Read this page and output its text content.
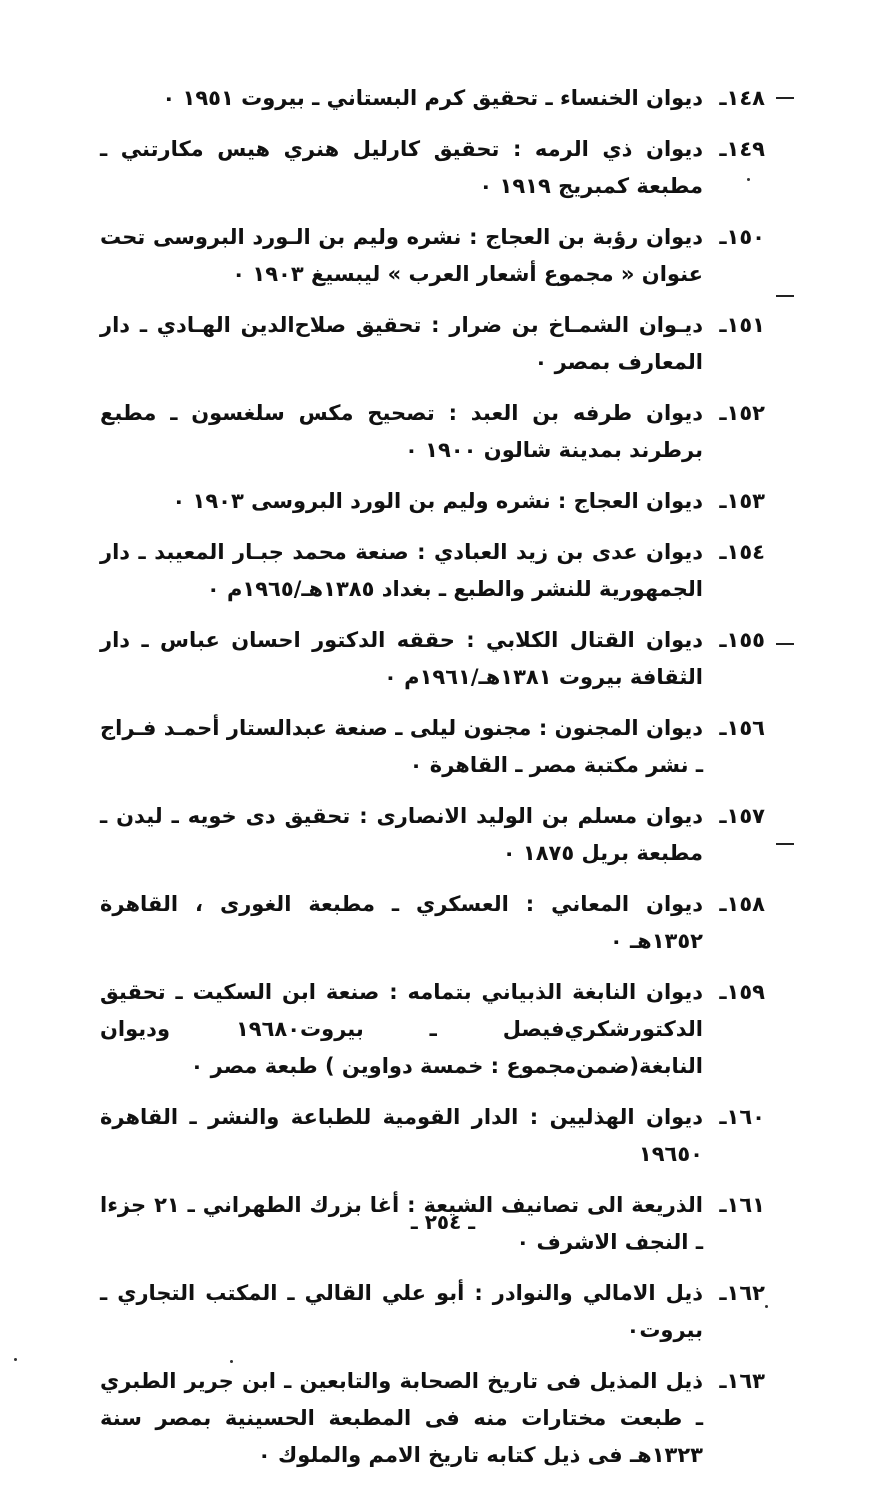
١٤٨ـ
ديوان الخنساء ـ تحقيق كرم البستاني ـ بيروت ١٩٥١ ٠
١٤٩ـ
ديوان ذي الرمه : تحقيق كارليل هنري هيس مكارتني ـ مطبعة كمبريج ١٩١٩ ٠
١٥٠ـ
ديوان رؤبة بن العجاج : نشره وليم بن الـورد البروسى تحت عنوان « مجموع أشعار العرب » ليبسيغ ١٩٠٣ ٠
١٥١ـ
ديـوان الشمـاخ بن ضرار : تحقيق صلاح‌الدين الهـادي ـ دار المعارف بمصر ٠
١٥٢ـ
ديوان طرفه بن العبد : تصحيح مكس سلغسون ـ مطبع برطرند بمدينة شالون ١٩٠٠ ٠
١٥٣ـ
ديوان العجاج : نشره وليم بن الورد البروسى ١٩٠٣ ٠
١٥٤ـ
ديوان عدى بن زيد العبادي : صنعة محمد جبـار المعيبد ـ دار الجمهورية للنشر والطبع ـ بغداد ١٣٨٥هـ/١٩٦٥م ٠
١٥٥ـ
ديوان القتال الكلابي : حققه الدكتور احسان عباس ـ دار الثقافة بيروت ١٣٨١هـ/١٩٦١م ٠
١٥٦ـ
ديوان المجنون : مجنون ليلى ـ صنعة عبدالستار أحمـد فـراج ـ نشر مكتبة مصر ـ القاهرة ٠
١٥٧ـ
ديوان مسلم بن الوليد الانصارى : تحقيق دى خويه ـ ليدن ـ مطبعة بريل ١٨٧٥ ٠
١٥٨ـ
ديوان المعاني : العسكري ـ مطبعة الغورى ، القاهرة ١٣٥٢هـ ٠
١٥٩ـ
ديوان النابغة الذبياني بتمامه : صنعة ابن السكيت ـ تحقيق الدكتورشكري‌فيصل ـ بيروت١٩٦٨٠ وديوان النابغة(ضمن‌مجموع : خمسة دواوين ) طبعة مصر ٠
١٦٠ـ
ديوان الهذليين : الدار القومية للطباعة والنشر ـ القاهرة ١٩٦٥٠
١٦١ـ
الذريعة الى تصانيف الشيعة : أغا بزرك الطهراني ـ ٢١ جزءا ـ النجف الاشرف ٠
١٦٢ـ
ذيل الامالي والنوادر : أبو علي القالي ـ المكتب التجاري ـ بيروت٠
١٦٣ـ
ذيل المذيل فى تاريخ الصحابة والتابعين ـ ابن جرير الطبري ـ طبعت مختارات منه فى المطبعة الحسينية بمصر سنة ١٣٢٣هـ فى ذيل كتابه تاريخ الامم والملوك ٠
ـ ٢٥٤ ـ
